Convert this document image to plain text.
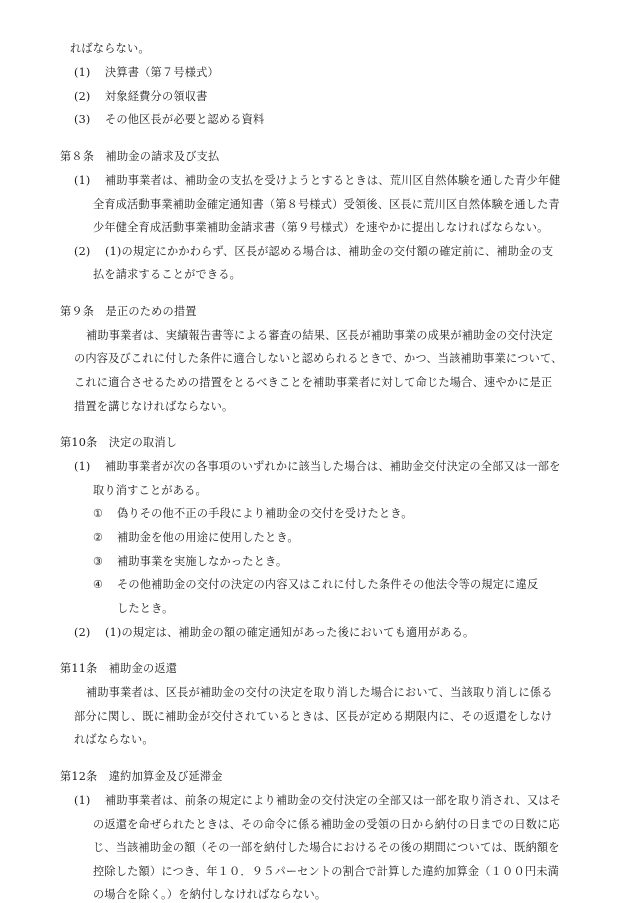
ればならない。
(1) 決算書（第７号様式）
(2) 対象経費分の領収書
(3) その他区長が必要と認める資料
第８条　補助金の請求及び支払
(1) 補助事業者は、補助金の支払を受けようとするときは、荒川区自然体験を通した青少年健
全育成活動事業補助金確定通知書（第８号様式）受領後、区長に荒川区自然体験を通した青
少年健全育成活動事業補助金請求書（第９号様式）を速やかに提出しなければならない。
(2) (1)の規定にかかわらず、区長が認める場合は、補助金の交付額の確定前に、補助金の支
払を請求することができる。
第９条　是正のための措置
補助事業者は、実績報告書等による審査の結果、区長が補助事業の成果が補助金の交付決定
の内容及びこれに付した条件に適合しないと認められるときで、かつ、当該補助事業について、
これに適合させるための措置をとるべきことを補助事業者に対して命じた場合、速やかに是正
措置を講じなければならない。
第10条　決定の取消し
(1) 補助事業者が次の各事項のいずれかに該当した場合は、補助金交付決定の全部又は一部を
取り消すことがある。
① 偽りその他不正の手段により補助金の交付を受けたとき。
② 補助金を他の用途に使用したとき。
③ 補助事業を実施しなかったとき。
④ その他補助金の交付の決定の内容又はこれに付した条件その他法令等の規定に違反
したとき。
(2) (1)の規定は、補助金の額の確定通知があった後においても適用がある。
第11条　補助金の返還
補助事業者は、区長が補助金の交付の決定を取り消した場合において、当該取り消しに係る
部分に関し、既に補助金が交付されているときは、区長が定める期限内に、その返還をしなけ
ればならない。
第12条　違約加算金及び延滞金
(1) 補助事業者は、前条の規定により補助金の交付決定の全部又は一部を取り消され、又はそ
の返還を命ぜられたときは、その命令に係る補助金の受領の日から納付の日までの日数に応
じ、当該補助金の額（その一部を納付した場合におけるその後の期間については、既納額を
控除した額）につき、年１０．９５パーセントの割合で計算した違約加算金（１００円未満
の場合を除く。）を納付しなければならない。
